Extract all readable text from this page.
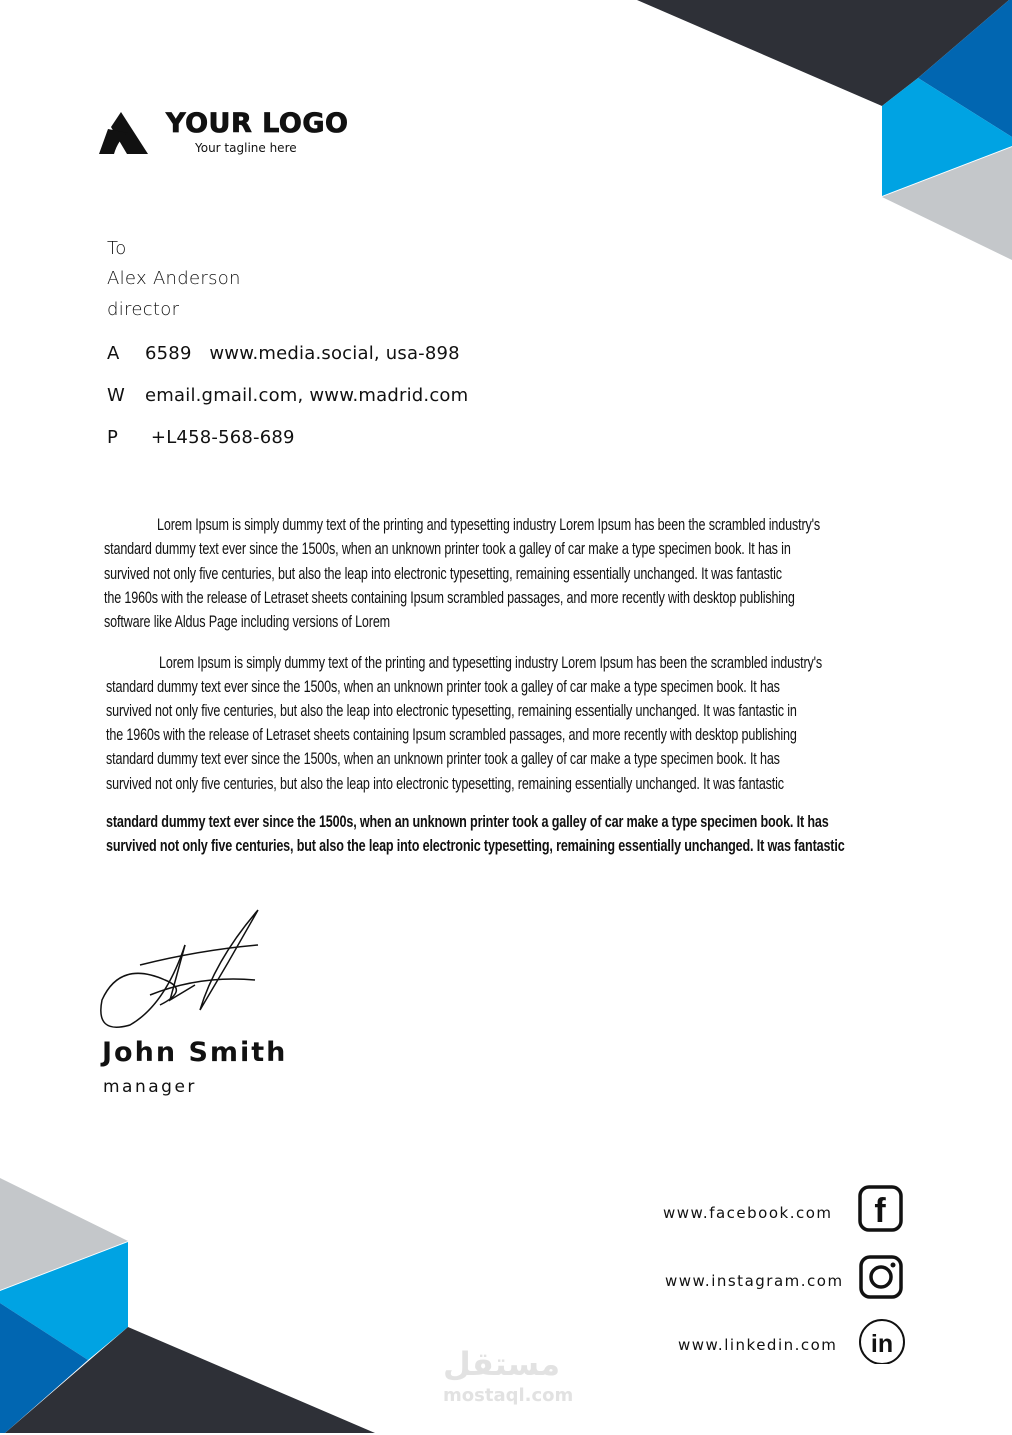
YOUR LOGO
Your tagline here
To
Alex Anderson
director
A 6589   www.media.social, usa-898
W email.gmail.com, www.madrid.com
P +L458-568-689
Lorem Ipsum is simply dummy text of the printing and typesetting industry Lorem Ipsum has been the scrambled industry's
standard dummy text ever since the 1500s, when an unknown printer took a galley of car make a type specimen book. It has in
survived not only five centuries, but also the leap into electronic typesetting, remaining essentially unchanged. It was fantastic
the 1960s with the release of Letraset sheets containing Ipsum scrambled passages, and more recently with desktop publishing
software like Aldus Page including versions of Lorem
Lorem Ipsum is simply dummy text of the printing and typesetting industry Lorem Ipsum has been the scrambled industry's
standard dummy text ever since the 1500s, when an unknown printer took a galley of car make a type specimen book. It has
survived not only five centuries, but also the leap into electronic typesetting, remaining essentially unchanged. It was fantastic in
the 1960s with the release of Letraset sheets containing Ipsum scrambled passages, and more recently with desktop publishing
standard dummy text ever since the 1500s, when an unknown printer took a galley of car make a type specimen book. It has
survived not only five centuries, but also the leap into electronic typesetting, remaining essentially unchanged. It was fantastic
standard dummy text ever since the 1500s, when an unknown printer took a galley of car make a type specimen book. It has
survived not only five centuries, but also the leap into electronic typesetting, remaining essentially unchanged. It was fantastic
John Smith
manager
www.facebook.com
www.instagram.com
www.linkedin.com
f
in
مستقل
mostaql.com
